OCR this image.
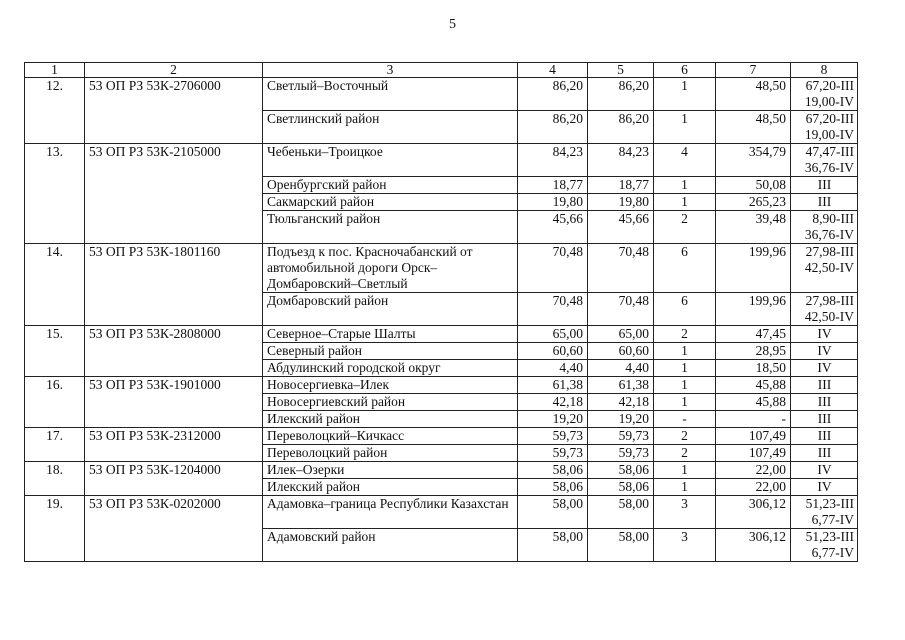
5
1	2	3	4	5	6	7	8
12.	53 ОП РЗ 53К-2706000	Светлый–Восточный	86,20	86,20	1	48,50	67,20-III
19,00-IV

		Светлинский район	86,20	86,20	1	48,50	67,20-III
19,00-IV

13.	53 ОП РЗ 53К-2105000	Чебеньки–Троицкое	84,23	84,23	4	354,79	47,47-III
36,76-IV

		Оренбургский район	18,77	18,77	1	50,08	III

		Сакмарский район	19,80	19,80	1	265,23	III

		Тюльганский район	45,66	45,66	2	39,48	8,90-III
36,76-IV

14.	53 ОП РЗ 53К-1801160	Подъезд к пос. Красночабанский от автомобильной дороги Орск–Домбаровский–Светлый	70,48	70,48	6	199,96	27,98-III
42,50-IV

		Домбаровский район	70,48	70,48	6	199,96	27,98-III
42,50-IV

15.	53 ОП РЗ 53К-2808000	Северное–Старые Шалты	65,00	65,00	2	47,45	IV

		Северный район	60,60	60,60	1	28,95	IV

		Абдулинский городской округ	4,40	4,40	1	18,50	IV

16.	53 ОП РЗ 53К-1901000	Новосергиевка–Илек	61,38	61,38	1	45,88	III

		Новосергиевский район	42,18	42,18	1	45,88	III

		Илекский район	19,20	19,20	-	-	III

17.	53 ОП РЗ 53К-2312000	Переволоцкий–Кичкасс	59,73	59,73	2	107,49	III

		Переволоцкий район	59,73	59,73	2	107,49	III

18.	53 ОП РЗ 53К-1204000	Илек–Озерки	58,06	58,06	1	22,00	IV

		Илекский район	58,06	58,06	1	22,00	IV

19.	53 ОП РЗ 53К-0202000	Адамовка–граница Республики Казахстан	58,00	58,00	3	306,12	51,23-III
6,77-IV

		Адамовский район	58,00	58,00	3	306,12	51,23-III
6,77-IV
